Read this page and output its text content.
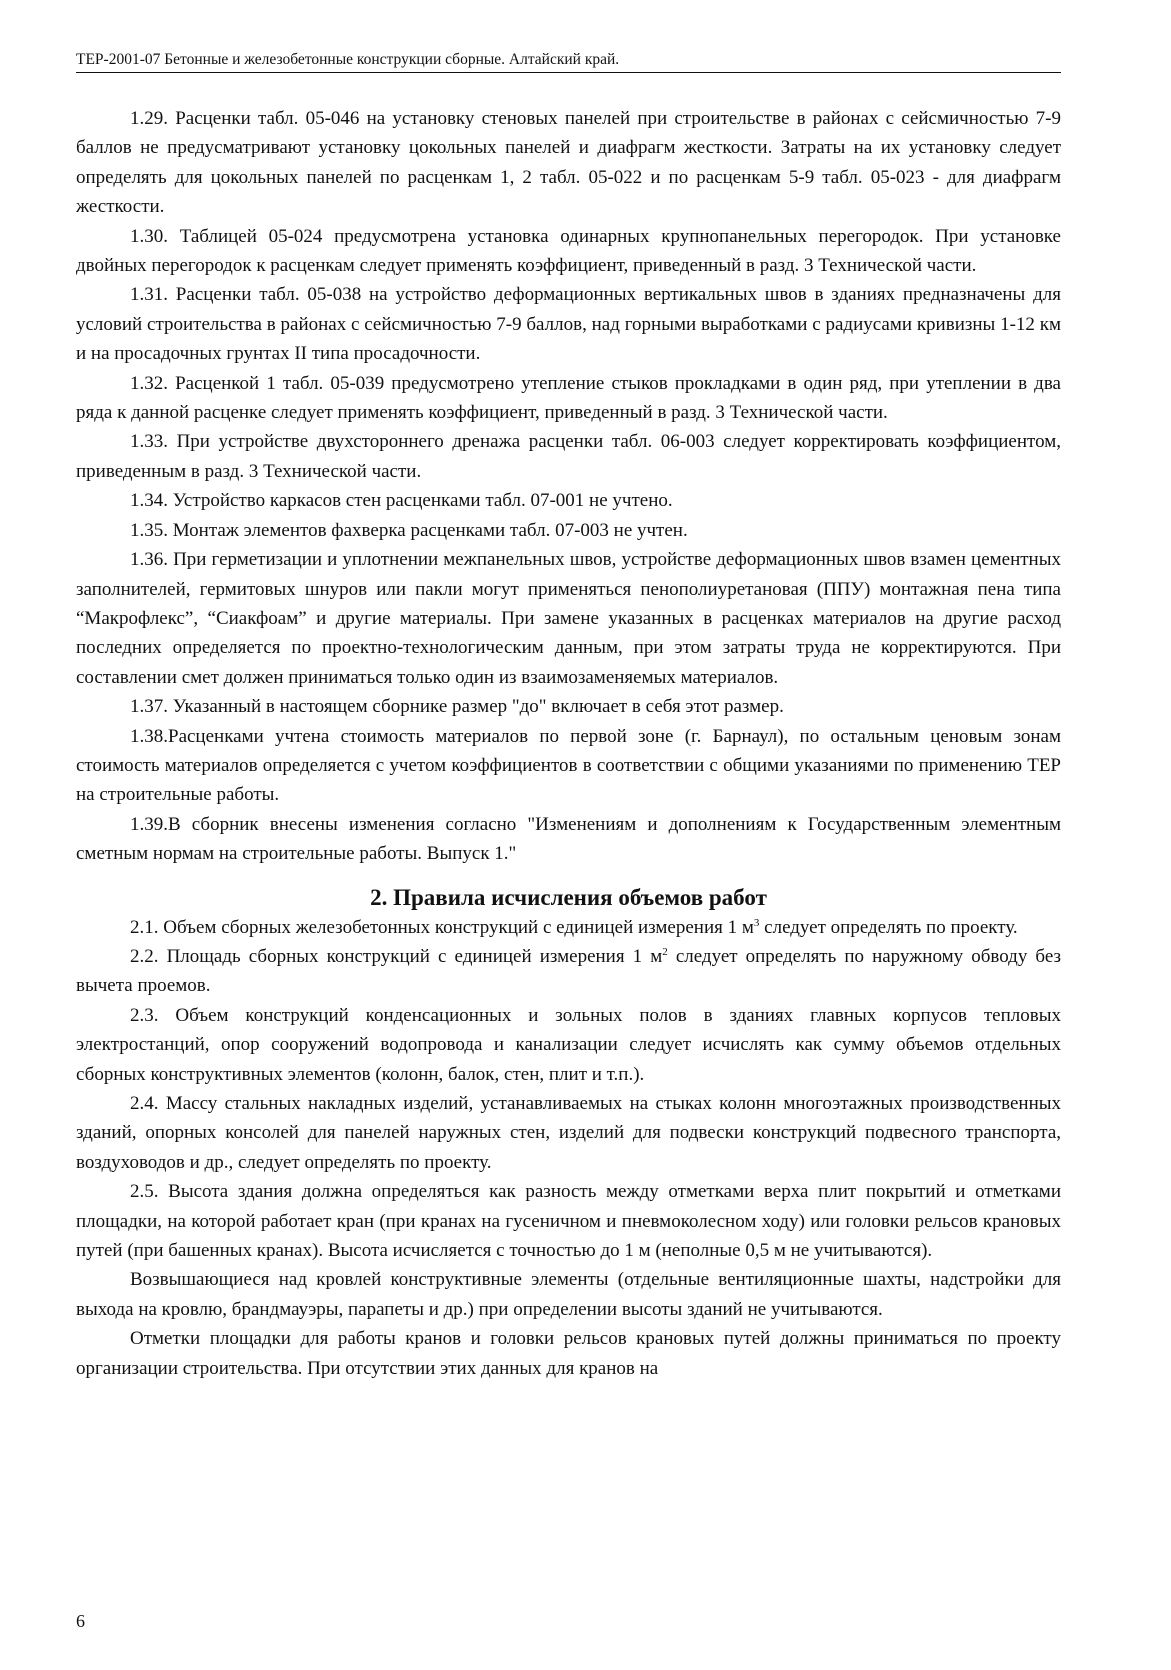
ТЕР-2001-07 Бетонные и железобетонные конструкции сборные. Алтайский край.

1.29. Расценки табл. 05-046 на установку стеновых панелей при строительстве в районах с сейсмичностью 7-9 баллов не предусматривают установку цокольных панелей и диафрагм жесткости. Затраты на их установку следует определять для цокольных панелей по расценкам 1, 2 табл. 05-022 и по расценкам 5-9 табл. 05-023 - для диафрагм жесткости.

1.30. Таблицей 05-024 предусмотрена установка одинарных крупнопанельных перегородок. При установке двойных перегородок к расценкам следует применять коэффициент, приведенный в разд. 3 Технической части.

1.31. Расценки табл. 05-038 на устройство деформационных вертикальных швов в зданиях предназначены для условий строительства в районах с сейсмичностью 7-9 баллов, над горными выработками с радиусами кривизны 1-12 км и на просадочных грунтах II типа просадочности.

1.32. Расценкой 1 табл. 05-039 предусмотрено утепление стыков прокладками в один ряд, при утеплении в два ряда к данной расценке следует применять коэффициент, приведенный в разд. 3 Технической части.

1.33. При устройстве двухстороннего дренажа расценки табл. 06-003 следует корректировать коэффициентом, приведенным в разд. 3 Технической части.

1.34. Устройство каркасов стен расценками табл. 07-001 не учтено.

1.35. Монтаж элементов фахверка расценками табл. 07-003 не учтен.

1.36. При герметизации и уплотнении межпанельных швов, устройстве деформационных швов взамен цементных заполнителей, гермитовых шнуров или пакли могут применяться пенополиуретановая (ППУ) монтажная пена типа “Макрофлекс”, “Сиакфоам” и другие материалы. При замене указанных в расценках материалов на другие расход последних определяется по проектно-технологическим данным, при этом затраты труда не корректируются. При составлении смет должен приниматься только один из взаимозаменяемых материалов.

1.37. Указанный в настоящем сборнике размер "до" включает в себя этот размер.

1.38.Расценками учтена стоимость материалов по первой зоне (г. Барнаул), по остальным ценовым зонам стоимость материалов определяется с учетом коэффициентов в соответствии с общими указаниями по применению ТЕР на строительные работы.

1.39.В сборник внесены изменения согласно "Изменениям и дополнениям к Государственным элементным сметным нормам на строительные работы. Выпуск 1."

2. Правила исчисления объемов работ

2.1. Объем сборных железобетонных конструкций с единицей измерения 1 $м^3$ следует определять по проекту.

2.2. Площадь сборных конструкций с единицей измерения 1 $м^2$ следует определять по наружному обводу без вычета проемов.

2.3. Объем конструкций конденсационных и зольных полов в зданиях главных корпусов тепловых электростанций, опор сооружений водопровода и канализации следует исчислять как сумму объемов отдельных сборных конструктивных элементов (колонн, балок, стен, плит и т.п.).

2.4. Массу стальных накладных изделий, устанавливаемых на стыках колонн многоэтажных производственных зданий, опорных консолей для панелей наружных стен, изделий для подвески конструкций подвесного транспорта, воздуховодов и др., следует определять по проекту.

2.5. Высота здания должна определяться как разность между отметками верха плит покрытий и отметками площадки, на которой работает кран (при кранах на гусеничном и пневмоколесном ходу) или головки рельсов крановых путей (при башенных кранах). Высота исчисляется с точностью до 1 м (неполные 0,5 м не учитываются).

Возвышающиеся над кровлей конструктивные элементы (отдельные вентиляционные шахты, надстройки для выхода на кровлю, брандмауэры, парапеты и др.) при определении высоты зданий не учитываются.

Отметки площадки для работы кранов и головки рельсов крановых путей должны приниматься по проекту организации строительства. При отсутствии этих данных для кранов на

6
